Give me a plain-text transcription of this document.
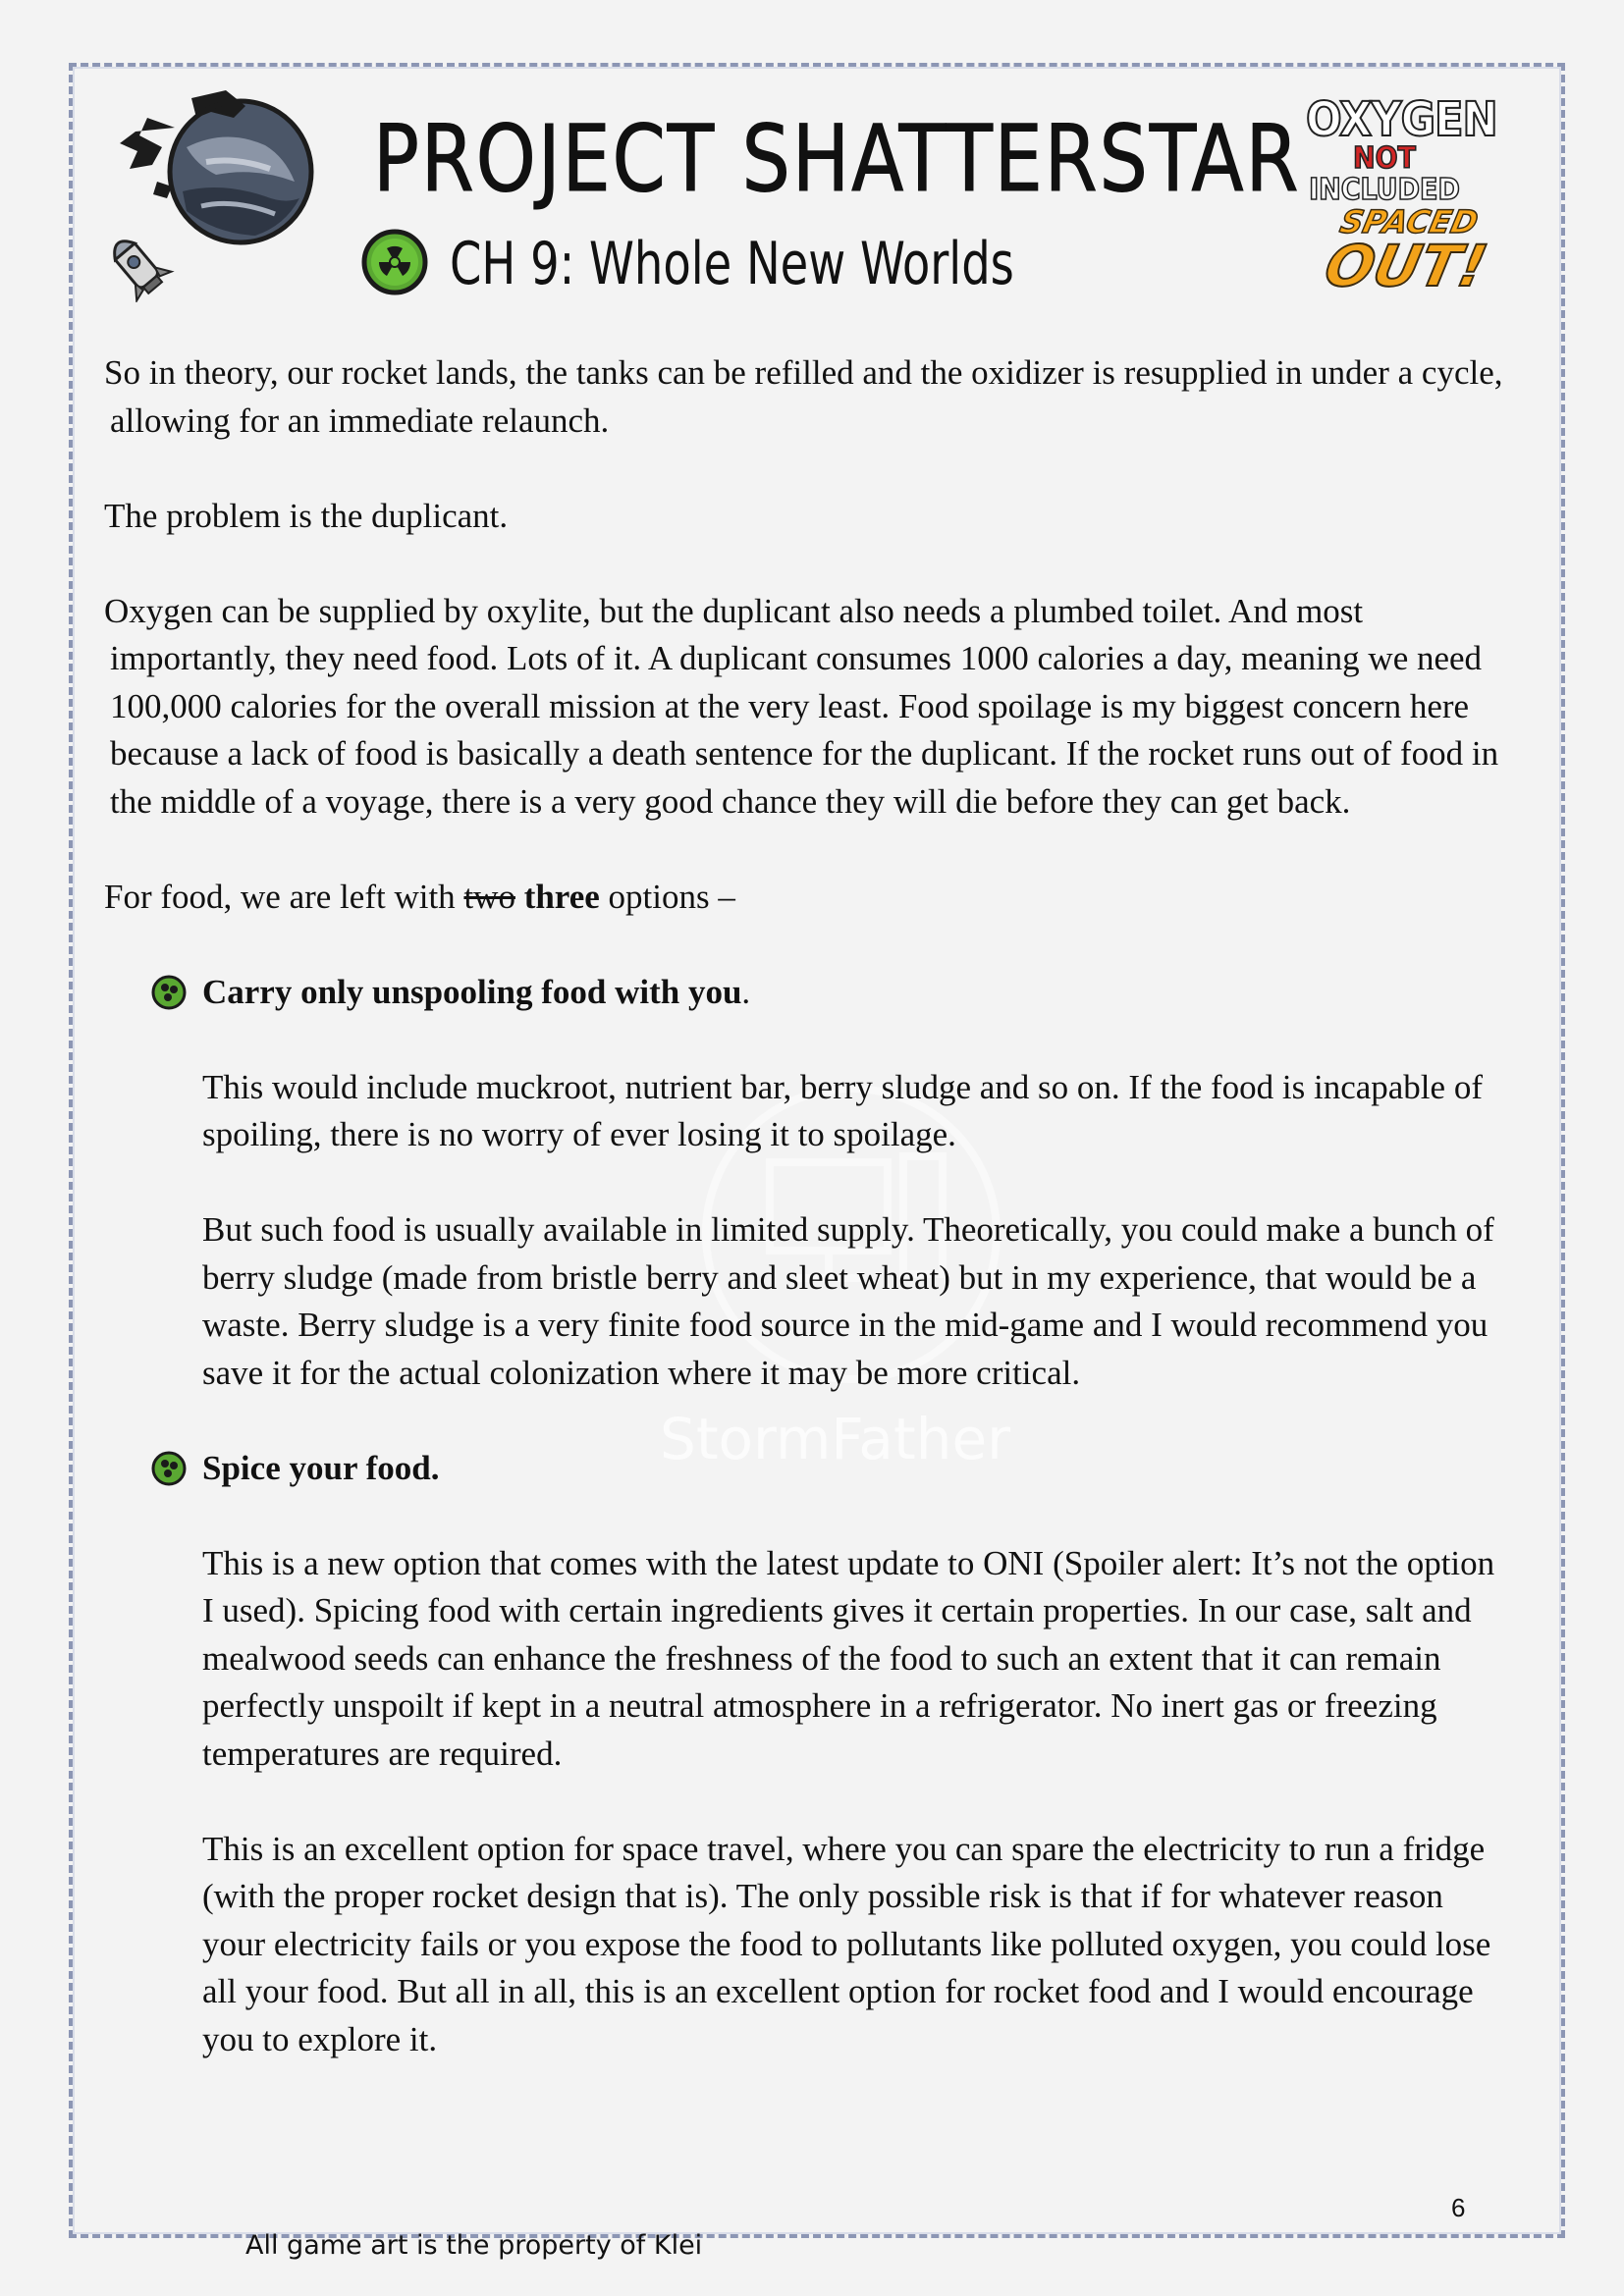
PROJECT SHATTERSTAR
CH 9: Whole New Worlds
OXYGEN
NOT INCLUDED
SPACED
OUT!
StormFather

So in theory, our rocket lands, the tanks can be refilled and the oxidizer is resupplied in under a cycle, allowing for an immediate relaunch.

The problem is the duplicant.

Oxygen can be supplied by oxylite, but the duplicant also needs a plumbed toilet. And most importantly, they need food. Lots of it. A duplicant consumes 1000 calories a day, meaning we need 100,000 calories for the overall mission at the very least. Food spoilage is my biggest concern here because a lack of food is basically a death sentence for the duplicant. If the rocket runs out of food in the middle of a voyage, there is a very good chance they will die before they can get back.

For food, we are left with two three options –

Carry only unspooling food with you.

This would include muckroot, nutrient bar, berry sludge and so on. If the food is incapable of spoiling, there is no worry of ever losing it to spoilage.

But such food is usually available in limited supply. Theoretically, you could make a bunch of berry sludge (made from bristle berry and sleet wheat) but in my experience, that would be a waste. Berry sludge is a very finite food source in the mid-game and I would recommend you save it for the actual colonization where it may be more critical.

Spice your food.

This is a new option that comes with the latest update to ONI (Spoiler alert: It’s not the option I used). Spicing food with certain ingredients gives it certain properties. In our case, salt and mealwood seeds can enhance the freshness of the food to such an extent that it can remain perfectly unspoilt if kept in a neutral atmosphere in a refrigerator. No inert gas or freezing temperatures are required.

This is an excellent option for space travel, where you can spare the electricity to run a fridge (with the proper rocket design that is). The only possible risk is that if for whatever reason your electricity fails or you expose the food to pollutants like polluted oxygen, you could lose all your food. But all in all, this is an excellent option for rocket food and I would encourage you to explore it.

6
All game art is the property of Klei
